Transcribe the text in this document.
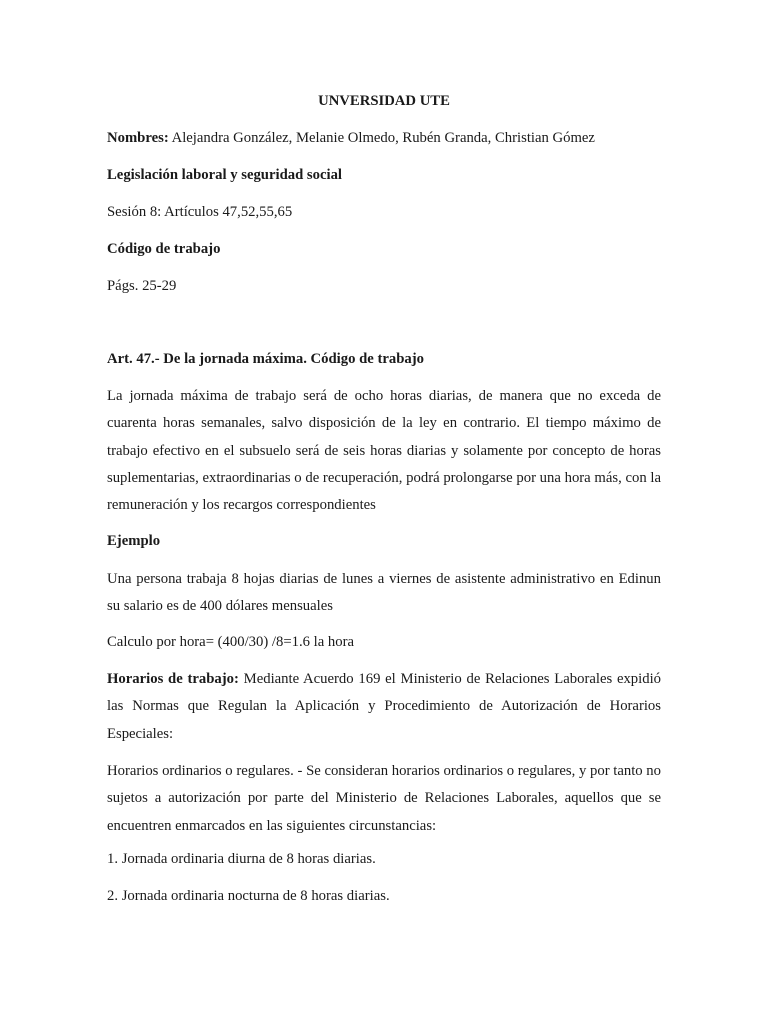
UNVERSIDAD UTE
Nombres: Alejandra González, Melanie Olmedo, Rubén Granda, Christian Gómez
Legislación laboral y seguridad social
Sesión 8: Artículos 47,52,55,65
Código de trabajo
Págs. 25-29
Art. 47.- De la jornada máxima. Código de trabajo
La jornada máxima de trabajo será de ocho horas diarias, de manera que no exceda de cuarenta horas semanales, salvo disposición de la ley en contrario. El tiempo máximo de trabajo efectivo en el subsuelo será de seis horas diarias y solamente por concepto de horas suplementarias, extraordinarias o de recuperación, podrá prolongarse por una hora más, con la remuneración y los recargos correspondientes
Ejemplo
Una persona trabaja 8 hojas diarias de lunes a viernes de asistente administrativo en Edinun su salario es de 400 dólares mensuales
Calculo por hora= (400/30) /8=1.6 la hora
Horarios de trabajo: Mediante Acuerdo 169 el Ministerio de Relaciones Laborales expidió las Normas que Regulan la Aplicación y Procedimiento de Autorización de Horarios Especiales:
Horarios ordinarios o regulares. - Se consideran horarios ordinarios o regulares, y por tanto no sujetos a autorización por parte del Ministerio de Relaciones Laborales, aquellos que se encuentren enmarcados en las siguientes circunstancias:
1. Jornada ordinaria diurna de 8 horas diarias.
2. Jornada ordinaria nocturna de 8 horas diarias.
